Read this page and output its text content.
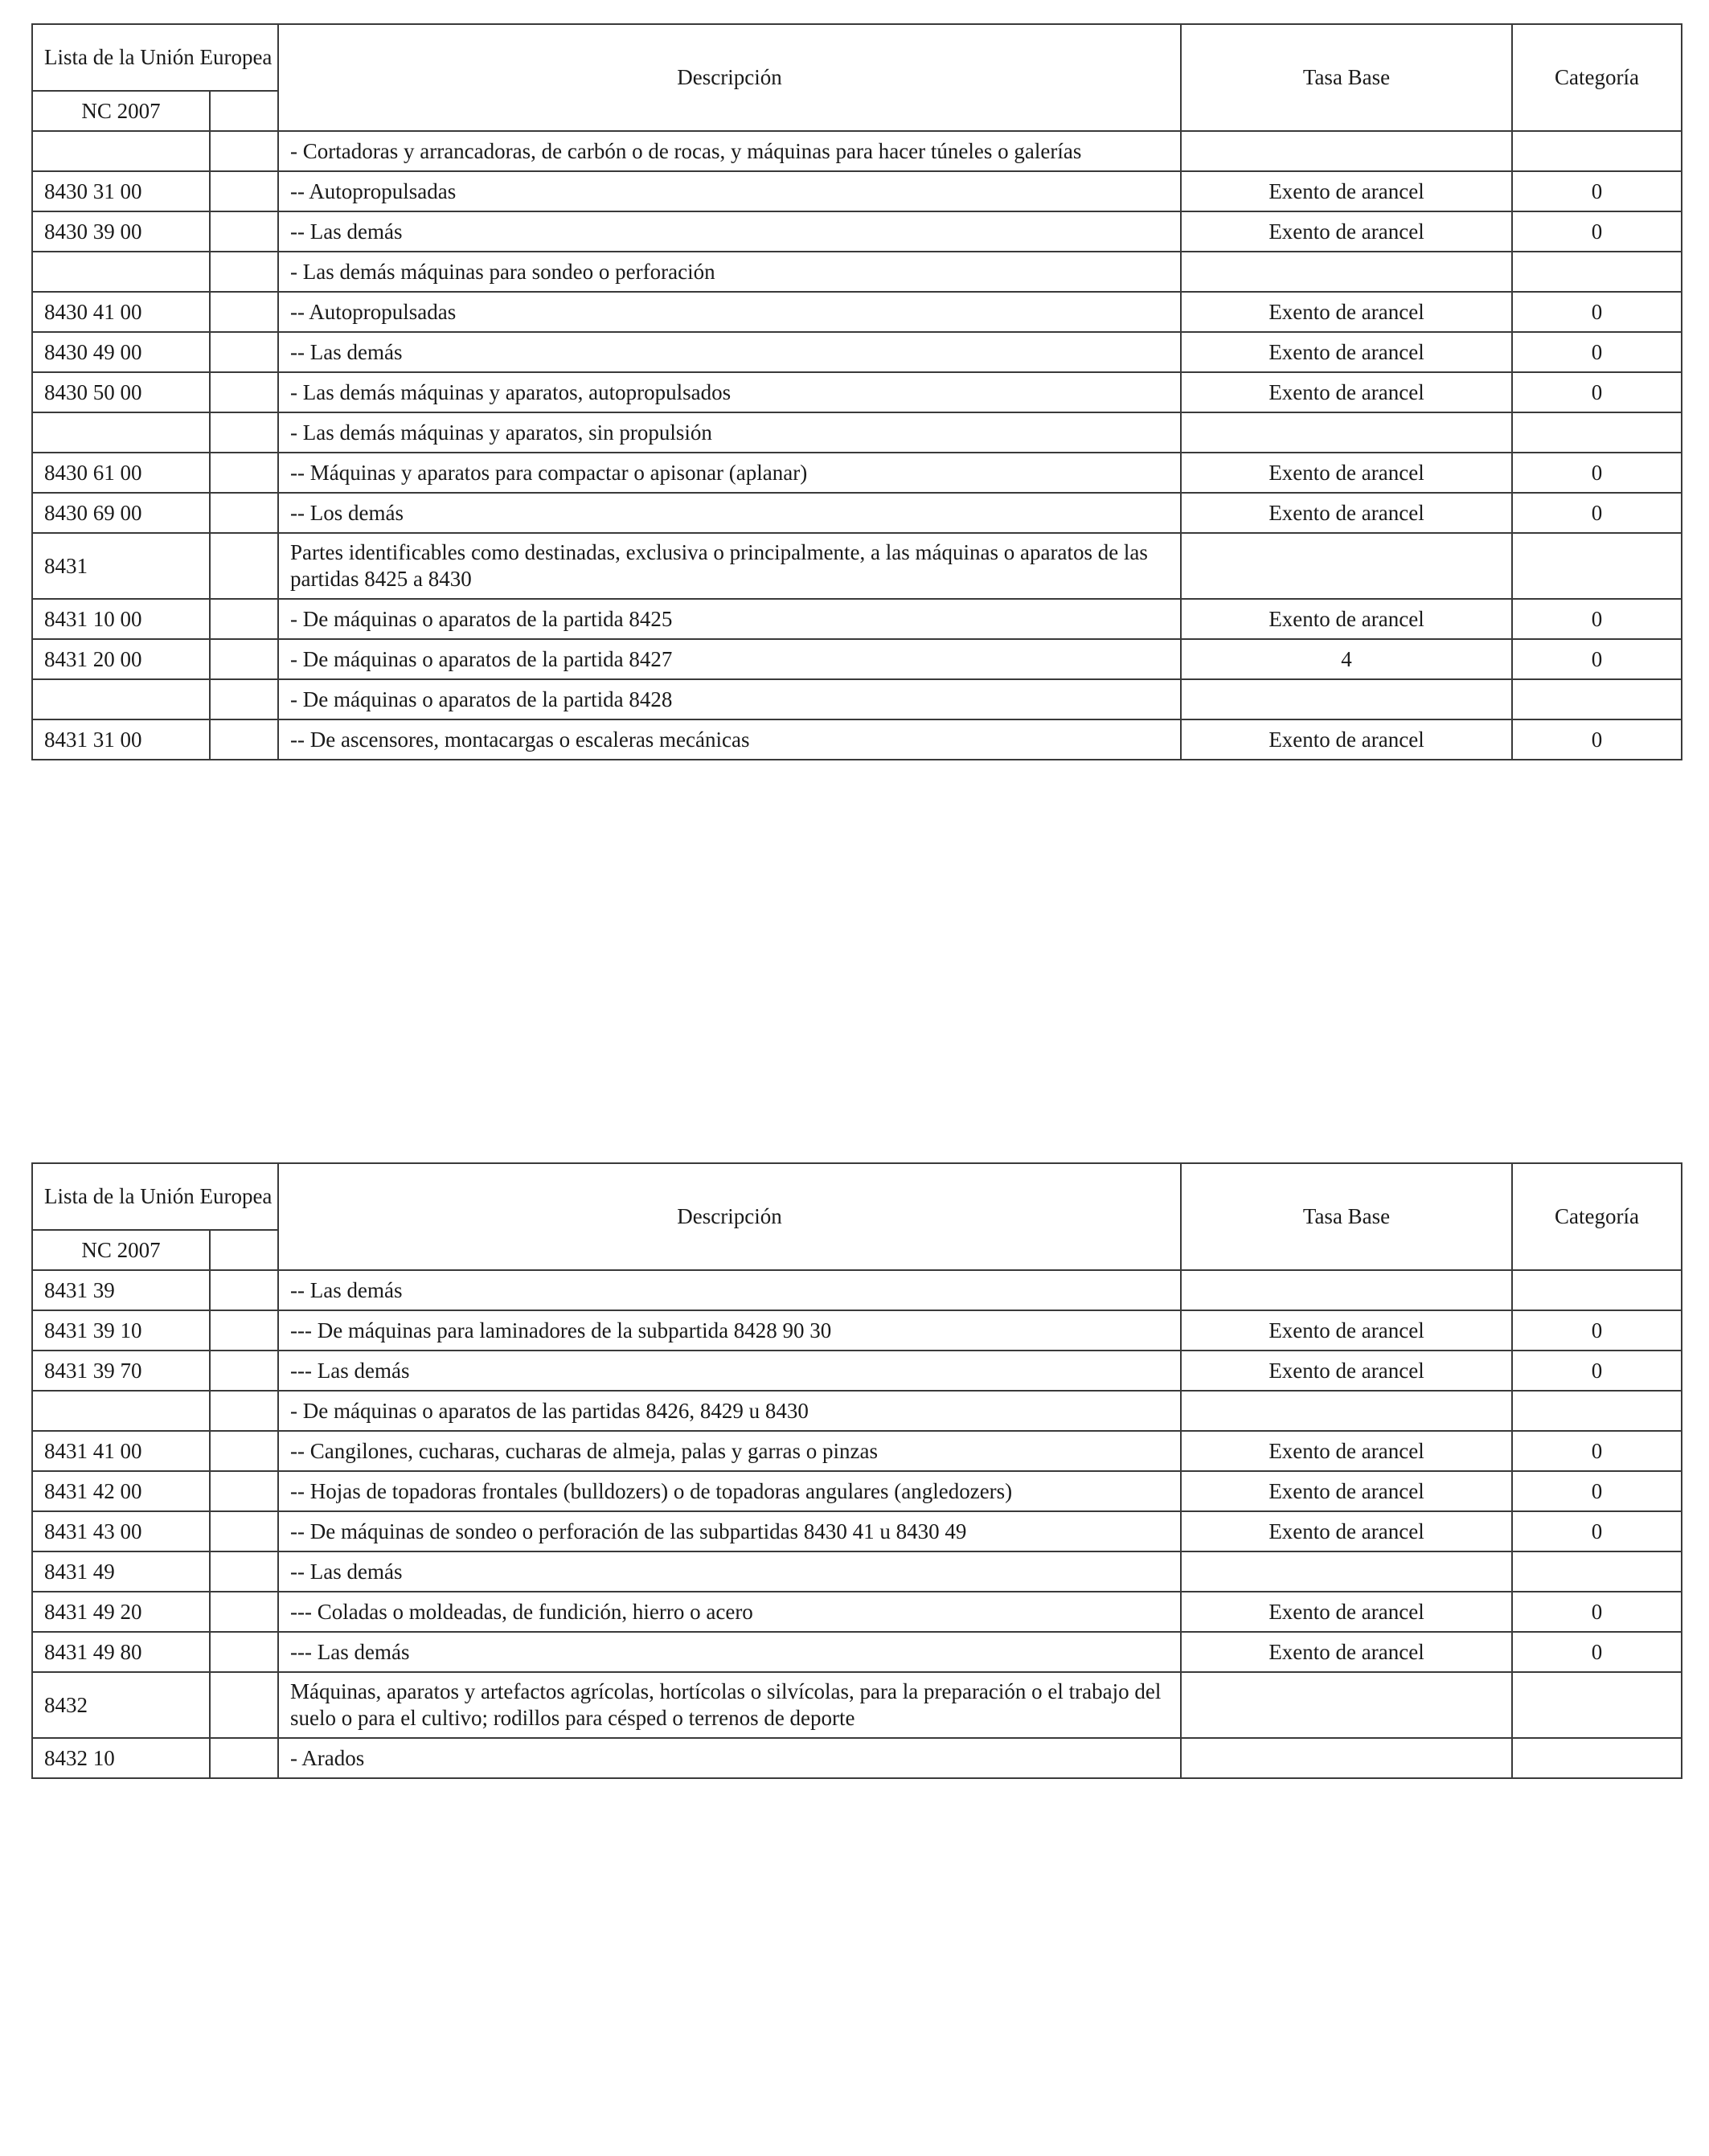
Lista de la Unión Europea		Descripción	Tasa Base	Categoría
NC 2007				
		- Cortadoras y arrancadoras, de carbón o de rocas, y máquinas para hacer túneles o galerías		
8430 31 00		-- Autopropulsadas	Exento de arancel	0
8430 39 00		-- Las demás	Exento de arancel	0
		- Las demás máquinas para sondeo o perforación		
8430 41 00		-- Autopropulsadas	Exento de arancel	0
8430 49 00		-- Las demás	Exento de arancel	0
8430 50 00		- Las demás máquinas y aparatos, autopropulsados	Exento de arancel	0
		- Las demás máquinas y aparatos, sin propulsión		
8430 61 00		-- Máquinas y aparatos para compactar o apisonar (aplanar)	Exento de arancel	0
8430 69 00		-- Los demás	Exento de arancel	0
8431		Partes identificables como destinadas, exclusiva o principalmente, a las máquinas o aparatos de las partidas 8425 a 8430		
8431 10 00		- De máquinas o aparatos de la partida 8425	Exento de arancel	0
8431 20 00		- De máquinas o aparatos de la partida 8427	4	0
		- De máquinas o aparatos de la partida 8428		
8431 31 00		-- De ascensores, montacargas o escaleras mecánicas	Exento de arancel	0
Lista de la Unión Europea		Descripción	Tasa Base	Categoría
NC 2007				
8431 39		-- Las demás		
8431 39 10		--- De máquinas para laminadores de la subpartida 8428 90 30	Exento de arancel	0
8431 39 70		--- Las demás	Exento de arancel	0
		- De máquinas o aparatos de las partidas 8426, 8429 u 8430		
8431 41 00		-- Cangilones, cucharas, cucharas de almeja, palas y garras o pinzas	Exento de arancel	0
8431 42 00		-- Hojas de topadoras frontales (bulldozers) o de topadoras angulares (angledozers)	Exento de arancel	0
8431 43 00		-- De máquinas de sondeo o perforación de las subpartidas 8430 41 u 8430 49	Exento de arancel	0
8431 49		-- Las demás		
8431 49 20		--- Coladas o moldeadas, de fundición, hierro o acero	Exento de arancel	0
8431 49 80		--- Las demás	Exento de arancel	0
8432		Máquinas, aparatos y artefactos agrícolas, hortícolas o silvícolas, para la preparación o el trabajo del suelo o para el cultivo; rodillos para césped o terrenos de deporte		
8432 10		- Arados		
